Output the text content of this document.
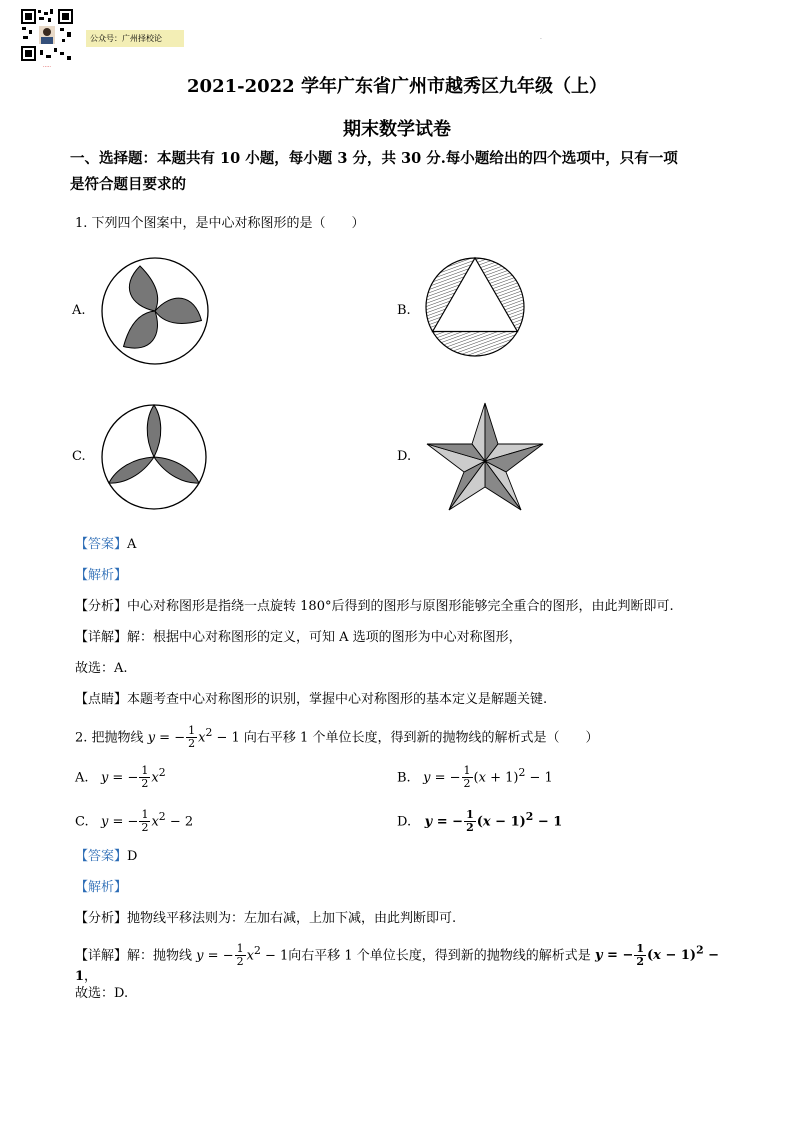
·····
公众号：广州择校论	·
2021-2022 学年广东省广州市越秀区九年级（上）
期末数学试卷
一、选择题：本题共有 10 小题，每小题 3 分，共 30 分.每小题给出的四个选项中，只有一项
是符合题目要求的
1. 下列四个图案中，是中心对称图形的是（　　）
A.	B.
C.	D.
【答案】A
【解析】
【分析】中心对称图形是指绕一点旋转 180°后得到的图形与原图形能够完全重合的图形，由此判断即可.
【详解】解：根据中心对称图形的定义，可知 A 选项的图形为中心对称图形，
故选：A.
【点睛】本题考查中心对称图形的识别，掌握中心对称图形的基本定义是解题关键.
2. 把抛物线 y = − $\frac{1}{2} x^2 - 1$ 向右平移 1 个单位长度，得到新的抛物线的解析式是（　　）
A. y = − $\frac{1}{2} x^2$	B. y = − $\frac{1}{2} (x + 1)^2 - 1$
C. y = − $\frac{1}{2} x^2 - 2$	D. y = − $\frac{1}{2} (x - 1)^2 - 1$
【答案】D
【解析】
【分析】抛物线平移法则为：左加右减，上加下减，由此判断即可.
【详解】解：抛物线 y = − $\frac{1}{2} x^2 - 1$向右平移 1 个单位长度，得到新的抛物线的解析式是 y = − $\frac{1}{2} (x - 1)^2 - 1$，
故选：D.
